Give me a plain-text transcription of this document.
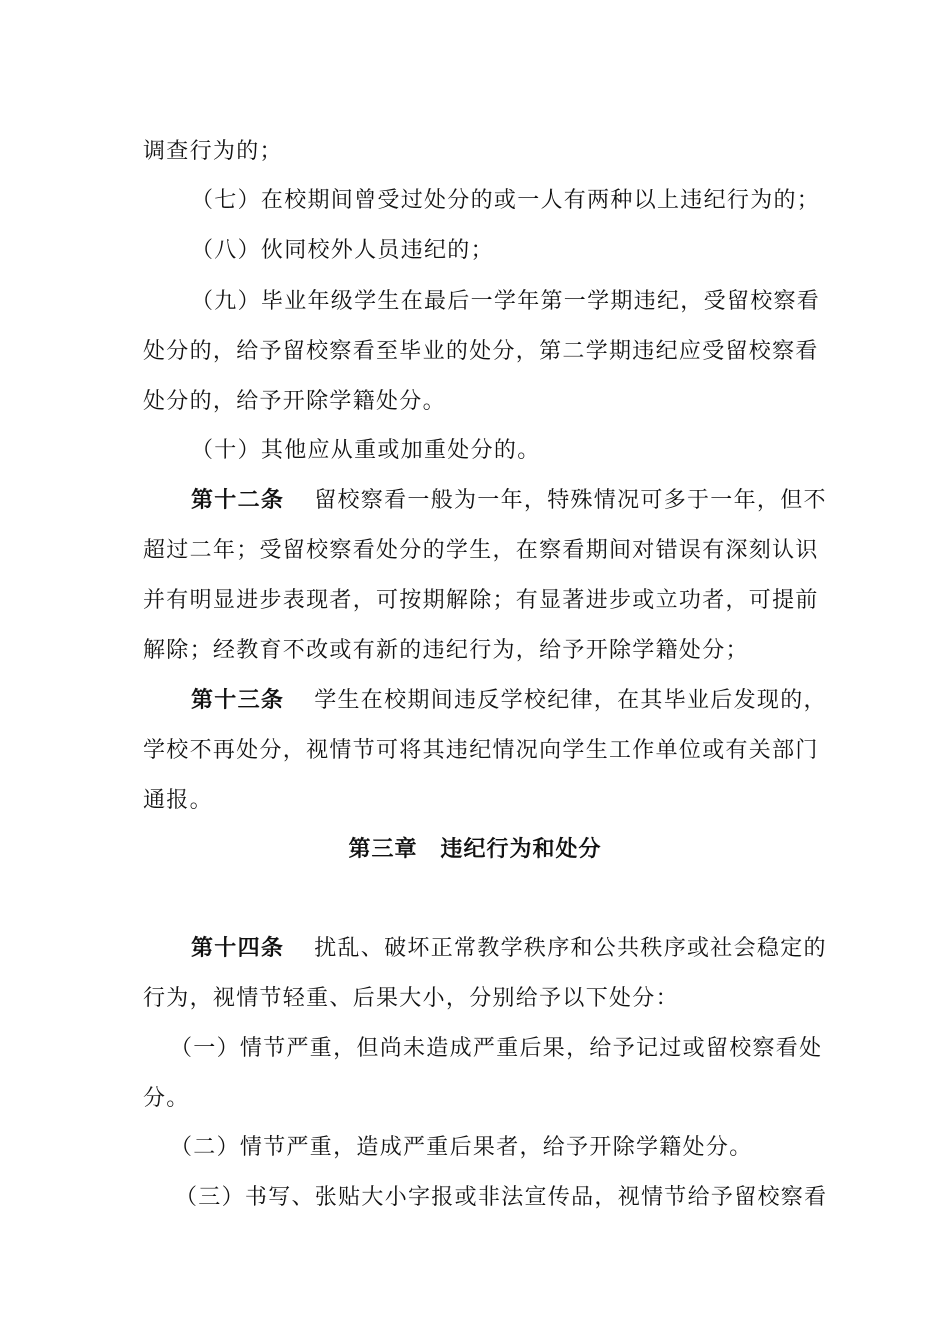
调查行为的；
（七）在校期间曾受过处分的或一人有两种以上违纪行为的；
（八）伙同校外人员违纪的；
（九）毕业年级学生在最后一学年第一学期违纪，受留校察看
处分的，给予留校察看至毕业的处分，第二学期违纪应受留校察看
处分的，给予开除学籍处分。
（十）其他应从重或加重处分的。
第十二条 留校察看一般为一年，特殊情况可多于一年，但不
超过二年；受留校察看处分的学生，在察看期间对错误有深刻认识
并有明显进步表现者，可按期解除；有显著进步或立功者，可提前
解除；经教育不改或有新的违纪行为，给予开除学籍处分；
第十三条 学生在校期间违反学校纪律，在其毕业后发现的，
学校不再处分，视情节可将其违纪情况向学生工作单位或有关部门
通报。
第三章　违纪行为和处分
第十四条 扰乱、破坏正常教学秩序和公共秩序或社会稳定的
行为，视情节轻重、后果大小，分别给予以下处分：
（一）情节严重，但尚未造成严重后果，给予记过或留校察看处
分。
（二）情节严重，造成严重后果者，给予开除学籍处分。
（三）书写、张贴大小字报或非法宣传品，视情节给予留校察看
